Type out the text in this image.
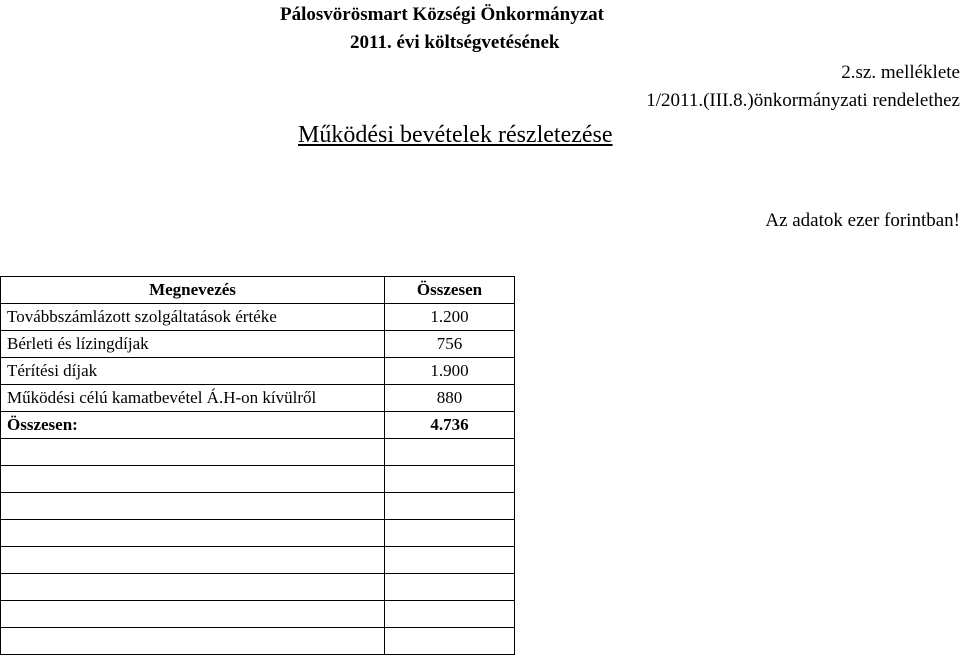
Pálosvörösmart Községi Önkormányzat
2011. évi költségvetésének
2.sz. melléklete
1/2011.(III.8.)önkormányzati rendelethez
Működési bevételek részletezése
Az adatok ezer forintban!
Megnevezés	Összesen
Továbbszámlázott szolgáltatások értéke	1.200
Bérleti és lízingdíjak	756
Térítési díjak	1.900
Működési célú kamatbevétel Á.H-on kívülről	880
Összesen:	4.736
